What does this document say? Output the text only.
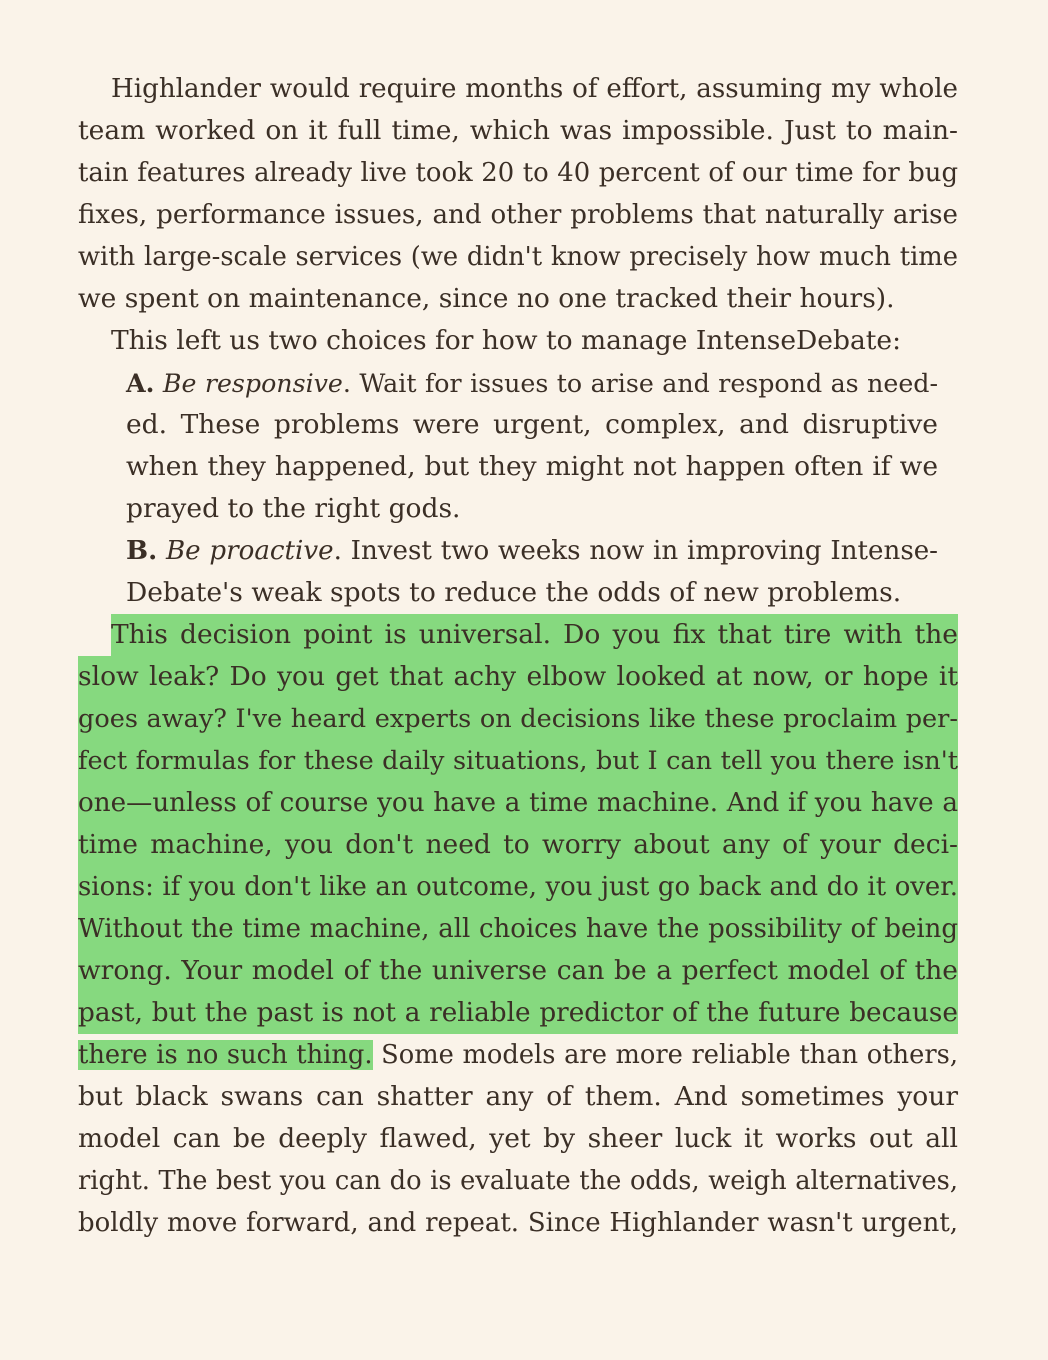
Highlander would require months of effort, assuming my whole
team worked on it full time, which was impossible. Just to main-
tain features already live took 20 to 40 percent of our time for bug
fixes, performance issues, and other problems that naturally arise
with large-scale services (we didn't know precisely how much time
we spent on maintenance, since no one tracked their hours).
This left us two choices for how to manage IntenseDebate:
A. Be responsive. Wait for issues to arise and respond as need-
ed. These problems were urgent, complex, and disruptive
when they happened, but they might not happen often if we
prayed to the right gods.
B. Be proactive. Invest two weeks now in improving Intense-
Debate's weak spots to reduce the odds of new problems.
This decision point is universal. Do you fix that tire with the
slow leak? Do you get that achy elbow looked at now, or hope it
goes away? I've heard experts on decisions like these proclaim per-
fect formulas for these daily situations, but I can tell you there isn't
one—unless of course you have a time machine. And if you have a
time machine, you don't need to worry about any of your deci-
sions: if you don't like an outcome, you just go back and do it over.
Without the time machine, all choices have the possibility of being
wrong. Your model of the universe can be a perfect model of the
past, but the past is not a reliable predictor of the future because
there is no such thing. Some models are more reliable than others,
but black swans can shatter any of them. And sometimes your
model can be deeply flawed, yet by sheer luck it works out all
right. The best you can do is evaluate the odds, weigh alternatives,
boldly move forward, and repeat. Since Highlander wasn't urgent,
